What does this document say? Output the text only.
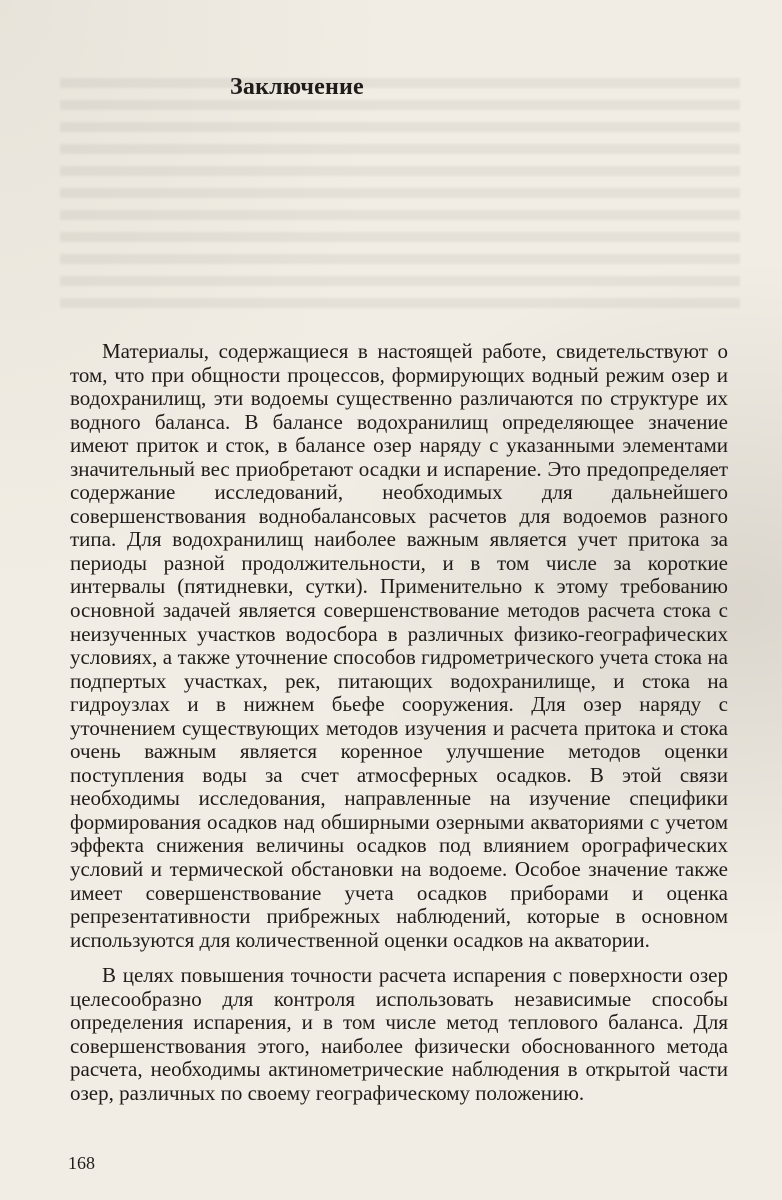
Заключение

Материалы, содержащиеся в настоящей работе, свидетельствуют о том, что при общности процессов, формирующих водный режим озер и водохранилищ, эти водоемы существенно различаются по структуре их водного баланса. В балансе водохранилищ определяющее значение имеют приток и сток, в балансе озер наряду с указанными элементами значительный вес приобретают осадки и испарение. Это предопределяет содержание исследований, необходимых для дальнейшего совершенствования воднобалансовых расчетов для водоемов разного типа. Для водохранилищ наиболее важным является учет притока за периоды разной продолжительности, и в том числе за короткие интервалы (пятидневки, сутки). Применительно к этому требованию основной задачей является совершенствование методов расчета стока с неизученных участков водосбора в различных физико-географических условиях, а также уточнение способов гидрометрического учета стока на подпертых участках, рек, питающих водохранилище, и стока на гидроузлах и в нижнем бьефе сооружения. Для озер наряду с уточнением существующих методов изучения и расчета притока и стока очень важным является коренное улучшение методов оценки поступления воды за счет атмосферных осадков. В этой связи необходимы исследования, направленные на изучение специфики формирования осадков над обширными озерными акваториями с учетом эффекта снижения величины осадков под влиянием орографических условий и термической обстановки на водоеме. Особое значение также имеет совершенствование учета осадков приборами и оценка репрезентативности прибрежных наблюдений, которые в основном используются для количественной оценки осадков на акватории.

В целях повышения точности расчета испарения с поверхности озер целесообразно для контроля использовать независимые способы определения испарения, и в том числе метод теплового баланса. Для совершенствования этого, наиболее физически обоснованного метода расчета, необходимы актинометрические наблюдения в открытой части озер, различных по своему географическому положению.

168
